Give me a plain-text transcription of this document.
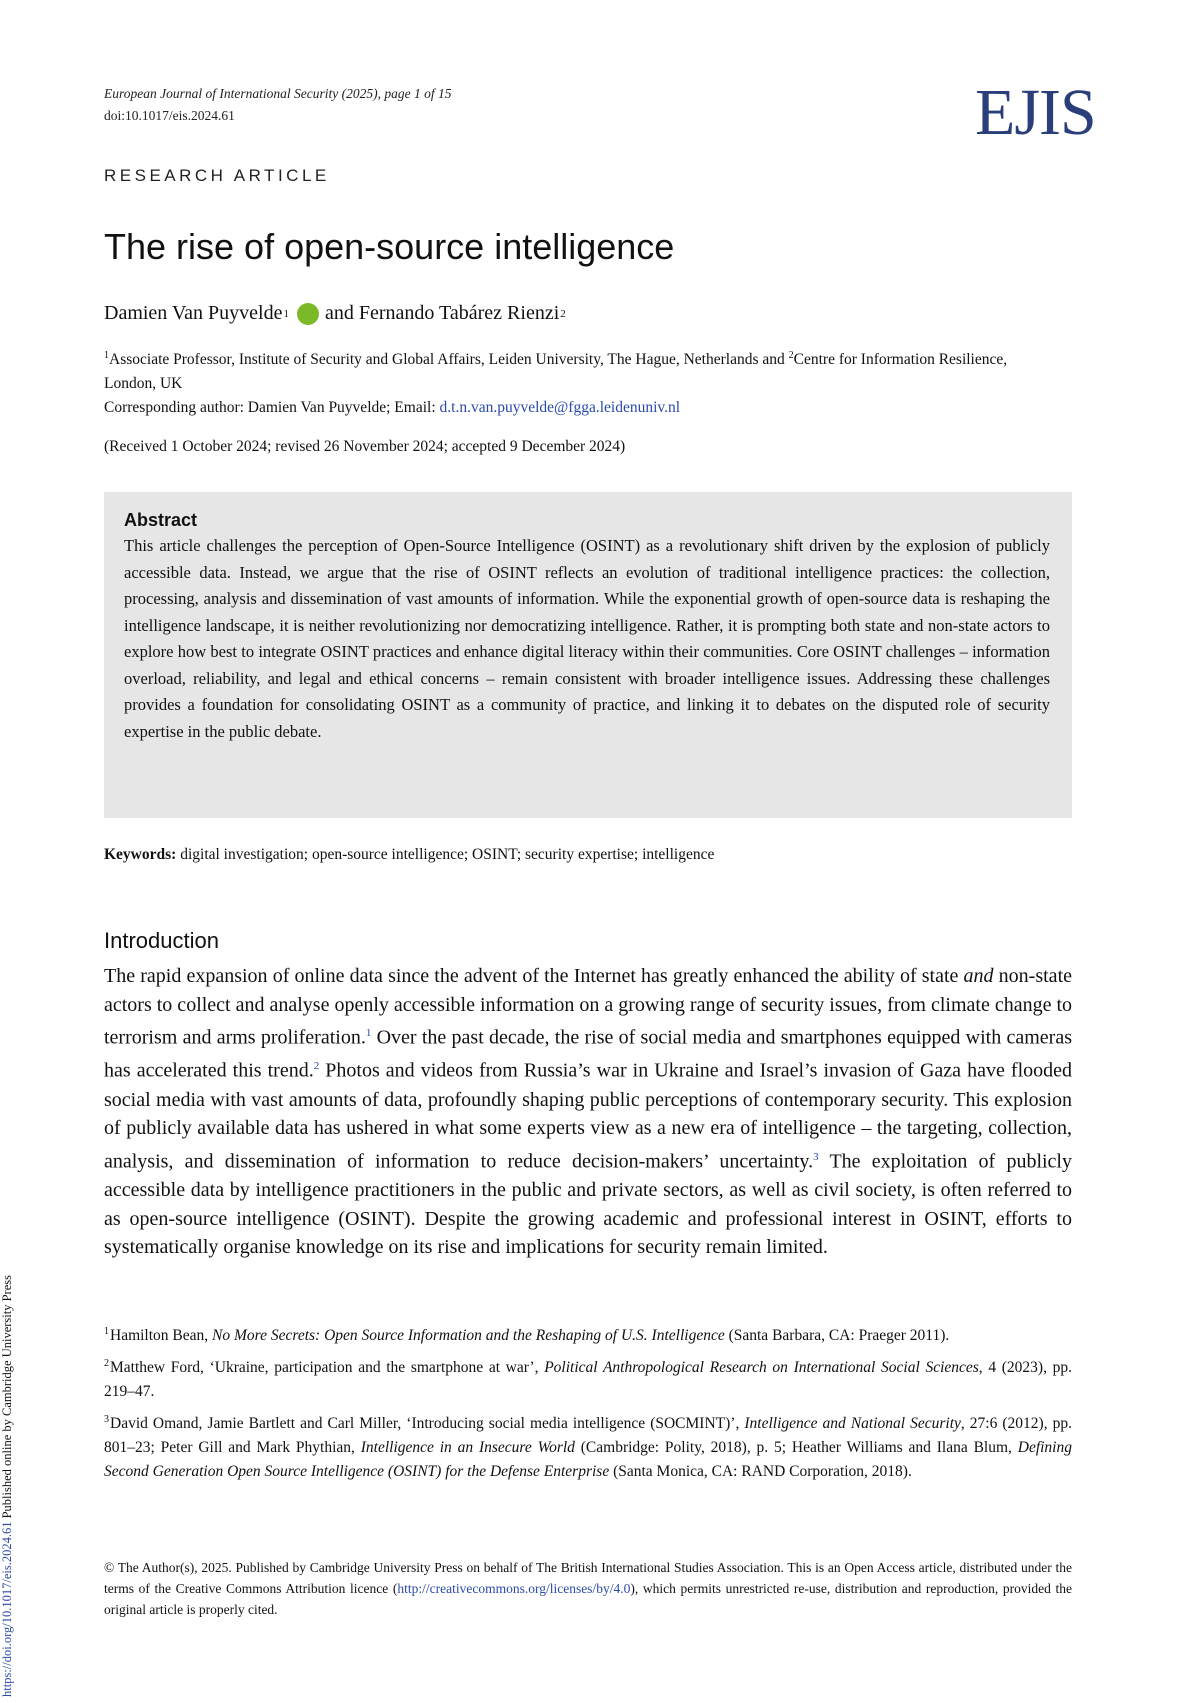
European Journal of International Security (2025), page 1 of 15
doi:10.1017/eis.2024.61	EJIS
RESEARCH ARTICLE
The rise of open-source intelligence
Damien Van Puyvelde 1 and Fernando Tabárez Rienzi 2
$^1$Associate Professor, Institute of Security and Global Affairs, Leiden University, The Hague, Netherlands and $^2$Centre for Information Resilience, London, UK
Corresponding author: Damien Van Puyvelde; Email: d.t.n.van.puyvelde@fgga.leidenuniv.nl
(Received 1 October 2024; revised 26 November 2024; accepted 9 December 2024)
Abstract
This article challenges the perception of Open-Source Intelligence (OSINT) as a revolutionary shift driven by the explosion of publicly accessible data. Instead, we argue that the rise of OSINT reflects an evolution of traditional intelligence practices: the collection, processing, analysis and dissemination of vast amounts of information. While the exponential growth of open-source data is reshaping the intelligence landscape, it is neither revolutionizing nor democratizing intelligence. Rather, it is prompting both state and non-state actors to explore how best to integrate OSINT practices and enhance digital literacy within their communities. Core OSINT challenges – information overload, reliability, and legal and ethical concerns – remain consistent with broader intelligence issues. Addressing these challenges provides a foundation for consolidating OSINT as a community of practice, and linking it to debates on the disputed role of security expertise in the public debate.
Keywords: digital investigation; open-source intelligence; OSINT; security expertise; intelligence
Introduction
The rapid expansion of online data since the advent of the Internet has greatly enhanced the ability of state and non-state actors to collect and analyse openly accessible information on a growing range of security issues, from climate change to terrorism and arms proliferation.$^1$ Over the past decade, the rise of social media and smartphones equipped with cameras has accelerated this trend.$^2$ Photos and videos from Russia’s war in Ukraine and Israel’s invasion of Gaza have flooded social media with vast amounts of data, profoundly shaping public perceptions of contemporary security. This explosion of publicly available data has ushered in what some experts view as a new era of intelligence – the targeting, collection, analysis, and dissemination of information to reduce decision-makers’ uncertainty.$^3$ The exploitation of publicly accessible data by intelligence practitioners in the public and private sectors, as well as civil society, is often referred to as open-source intelligence (OSINT). Despite the growing academic and professional interest in OSINT, efforts to systematically organise knowledge on its rise and implications for security remain limited.
$^1$Hamilton Bean, No More Secrets: Open Source Information and the Reshaping of U.S. Intelligence (Santa Barbara, CA: Praeger 2011).
$^2$Matthew Ford, ‘Ukraine, participation and the smartphone at war’, Political Anthropological Research on International Social Sciences, 4 (2023), pp. 219–47.
$^3$David Omand, Jamie Bartlett and Carl Miller, ‘Introducing social media intelligence (SOCMINT)’, Intelligence and National Security, 27:6 (2012), pp. 801–23; Peter Gill and Mark Phythian, Intelligence in an Insecure World (Cambridge: Polity, 2018), p. 5; Heather Williams and Ilana Blum, Defining Second Generation Open Source Intelligence (OSINT) for the Defense Enterprise (Santa Monica, CA: RAND Corporation, 2018).
© The Author(s), 2025. Published by Cambridge University Press on behalf of The British International Studies Association. This is an Open Access article, distributed under the terms of the Creative Commons Attribution licence (http://creativecommons.org/licenses/by/4.0), which permits unrestricted re-use, distribution and reproduction, provided the original article is properly cited.
https://doi.org/10.1017/eis.2024.61 Published online by Cambridge University Press
